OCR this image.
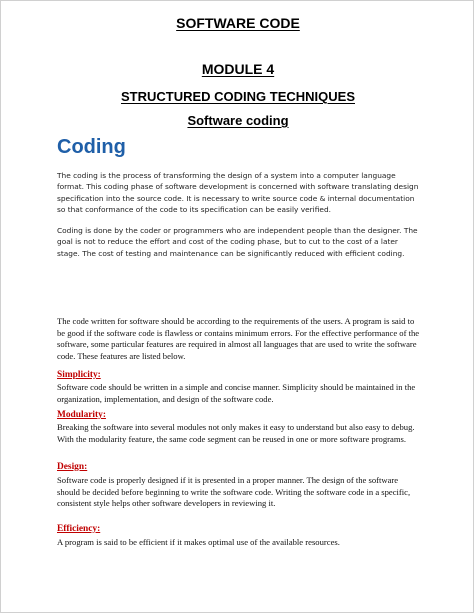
MODULE 4

STRUCTURED CODING TECHNIQUES

Software coding

Coding

The coding is the process of transforming the design of a system into a computer language format. This coding phase of software development is concerned with software translating design specification into the source code. It is necessary to write source code & internal documentation so that conformance of the code to its specification can be easily verified.

Coding is done by the coder or programmers who are independent people than the designer. The goal is not to reduce the effort and cost of the coding phase, but to cut to the cost of a later stage. The cost of testing and maintenance can be significantly reduced with efficient coding.

SOFTWARE CODE

The code written for software should be according to the requirements of the users. A program is said to be good if the software code is flawless or contains minimum errors. For the effective performance of the software, some particular features are required in almost all languages that are used to write the software code. These features are listed below.

Simplicity:

Software code should be written in a simple and concise manner. Simplicity should be maintained in the organization, implementation, and design of the software code.

Modularity:

Breaking the software into several modules not only makes it easy to understand but also easy to debug. With the modularity feature, the same code segment can be reused in one or more software programs.

Design:

Software code is properly designed if it is presented in a proper manner. The design of the software should be decided before beginning to write the software code. Writing the software code in a specific, consistent style helps other software developers in reviewing it.

Efficiency:

A program is said to be efficient if it makes optimal use of the available resources.
